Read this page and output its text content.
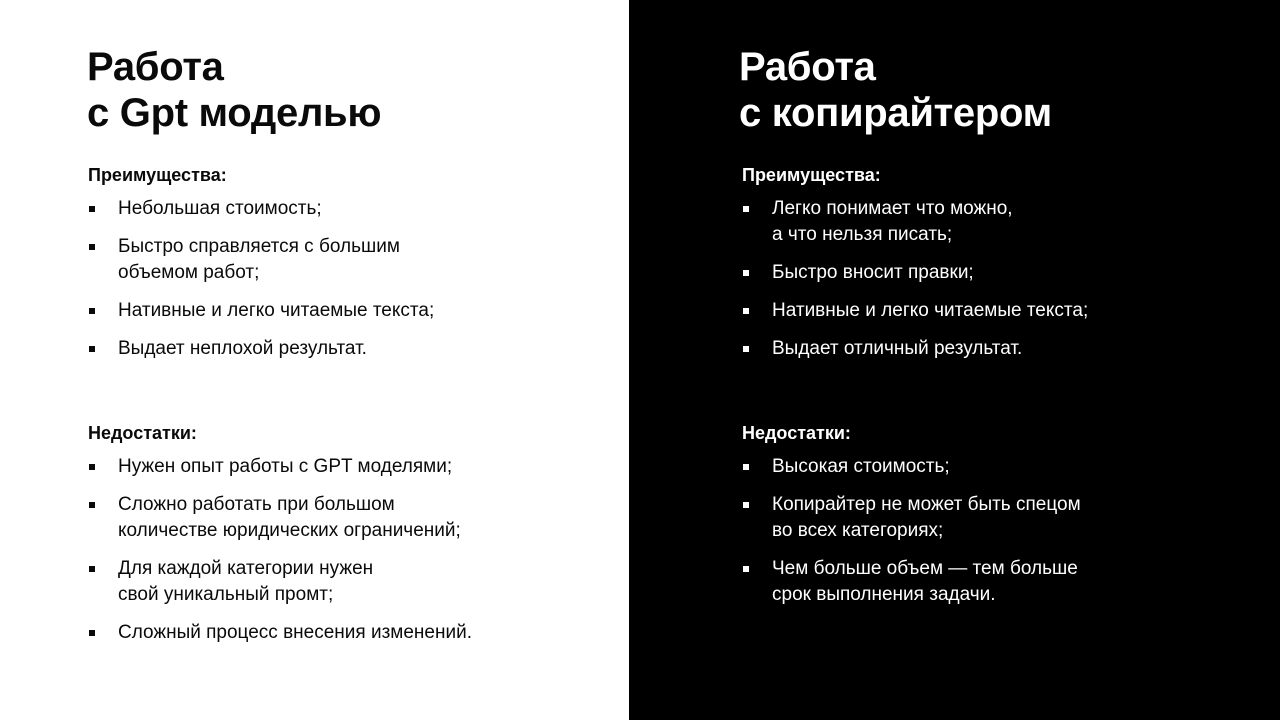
Работа
с Gpt моделью
Преимущества:
Небольшая стоимость;
Быстро справляется с большим
объемом работ;
Нативные и легко читаемые текста;
Выдает неплохой результат.
Недостатки:
Нужен опыт работы с GPT моделями;
Сложно работать при большом
количестве юридических ограничений;
Для каждой категории нужен
свой уникальный промт;
Сложный процесс внесения изменений.
Работа
с копирайтером
Преимущества:
Легко понимает что можно,
а что нельзя писать;
Быстро вносит правки;
Нативные и легко читаемые текста;
Выдает отличный результат.
Недостатки:
Высокая стоимость;
Копирайтер не может быть спецом
во всех категориях;
Чем больше объем — тем больше
срок выполнения задачи.
